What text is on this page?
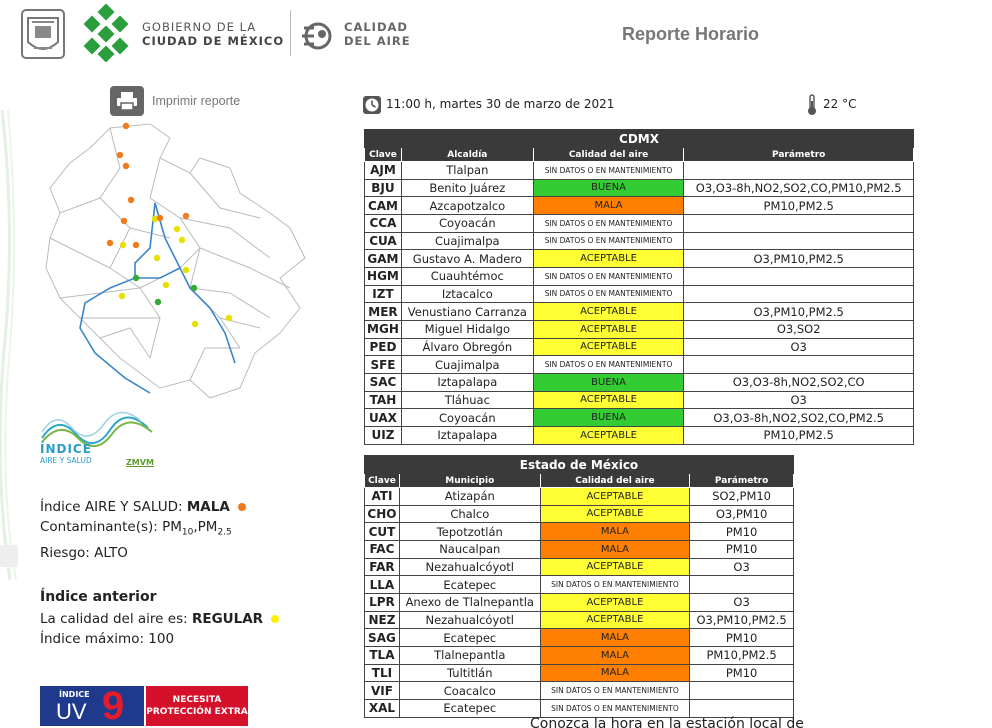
GOBIERNO DE LA
CIUDAD DE MÉXICO
CALIDAD
DEL AIRE	Reporte Horario
Imprimir reporte
ÍNDICE
AIRE Y SALUD	ZMVM
Índice AIRE Y SALUD: MALA
Contaminante(s): $PM_{10},PM_{2.5}$
Riesgo: ALTO
Índice anterior
La calidad del aire es: REGULAR
Índice máximo: 100
ÍNDICE
UV 9	NECESITA
PROTECCIÓN EXTRA
11:00 h, martes 30 de marzo de 2021	22 °C
CDMX			
Clave	Alcaldía	Calidad del aire	Parámetro
AJM	Tlalpan	SIN DATOS O EN MANTENIMIENTO	
BJU	Benito Juárez	BUENA	O3,O3-8h,NO2,SO2,CO,PM10,PM2.5
CAM	Azcapotzalco	MALA	PM10,PM2.5
CCA	Coyoacán	SIN DATOS O EN MANTENIMIENTO	
CUA	Cuajimalpa	SIN DATOS O EN MANTENIMIENTO	
GAM	Gustavo A. Madero	ACEPTABLE	O3,PM10,PM2.5
HGM	Cuauhtémoc	SIN DATOS O EN MANTENIMIENTO	
IZT	Iztacalco	SIN DATOS O EN MANTENIMIENTO	
MER	Venustiano Carranza	ACEPTABLE	O3,PM10,PM2.5
MGH	Miguel Hidalgo	ACEPTABLE	O3,SO2
PED	Álvaro Obregón	ACEPTABLE	O3
SFE	Cuajimalpa	SIN DATOS O EN MANTENIMIENTO	
SAC	Iztapalapa	BUENA	O3,O3-8h,NO2,SO2,CO
TAH	Tláhuac	ACEPTABLE	O3
UAX	Coyoacán	BUENA	O3,O3-8h,NO2,SO2,CO,PM2.5
UIZ	Iztapalapa	ACEPTABLE	PM10,PM2.5
Estado de México			
Clave	Municipio	Calidad del aire	Parámetro
ATI	Atizapán	ACEPTABLE	SO2,PM10
CHO	Chalco	ACEPTABLE	O3,PM10
CUT	Tepotzotlán	MALA	PM10
FAC	Naucalpan	MALA	PM10
FAR	Nezahualcóyotl	ACEPTABLE	O3
LLA	Ecatepec	SIN DATOS O EN MANTENIMIENTO	
LPR	Anexo de Tlalnepantla	ACEPTABLE	O3
NEZ	Nezahualcóyotl	ACEPTABLE	O3,PM10,PM2.5
SAG	Ecatepec	MALA	PM10
TLA	Tlalnepantla	MALA	PM10,PM2.5
TLI	Tultitlán	MALA	PM10
VIF	Coacalco	SIN DATOS O EN MANTENIMIENTO	
XAL	Ecatepec	SIN DATOS O EN MANTENIMIENTO	
Conozca la hora en la estación local de
